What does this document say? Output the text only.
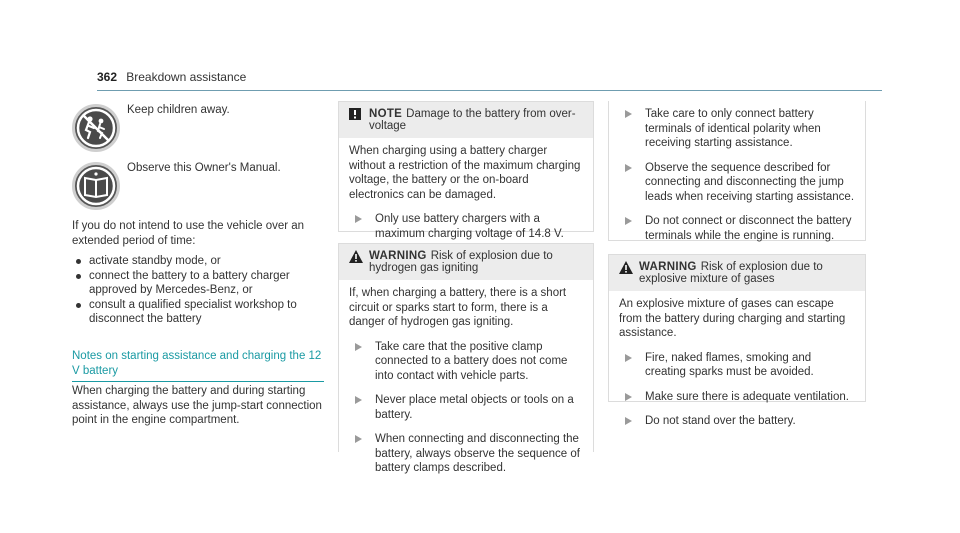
362 Breakdown assistance
Keep children away.
Observe this Owner's Manual.

If you do not intend to use the vehicle over an extended period of time:

activate standby mode, or
connect the battery to a battery charger approved by Mercedes-Benz, or
consult a qualified specialist workshop to disconnect the battery
Notes on starting assistance and charging the 12 V battery

When charging the battery and during starting assistance, always use the jump-start connection point in the engine compartment.

NOTE Damage to the battery from over-voltage

When charging using a battery charger without a restriction of the maximum charging voltage, the battery or the on-board electronics can be damaged.

Only use battery chargers with a maximum charging voltage of 14.8 V.
WARNING Risk of explosion due to hydrogen gas igniting

If, when charging a battery, there is a short circuit or sparks start to form, there is a danger of hydrogen gas igniting.

Take care that the positive clamp connected to a battery does not come into contact with vehicle parts.
Never place metal objects or tools on a battery.
When connecting and disconnecting the battery, always observe the sequence of battery clamps described.
Take care to only connect battery terminals of identical polarity when receiving starting assistance.
Observe the sequence described for connecting and disconnecting the jump leads when receiving starting assistance.
Do not connect or disconnect the battery terminals while the engine is running.
WARNING Risk of explosion due to explosive mixture of gases

An explosive mixture of gases can escape from the battery during charging and starting assistance.

Fire, naked flames, smoking and creating sparks must be avoided.
Make sure there is adequate ventilation.
Do not stand over the battery.
